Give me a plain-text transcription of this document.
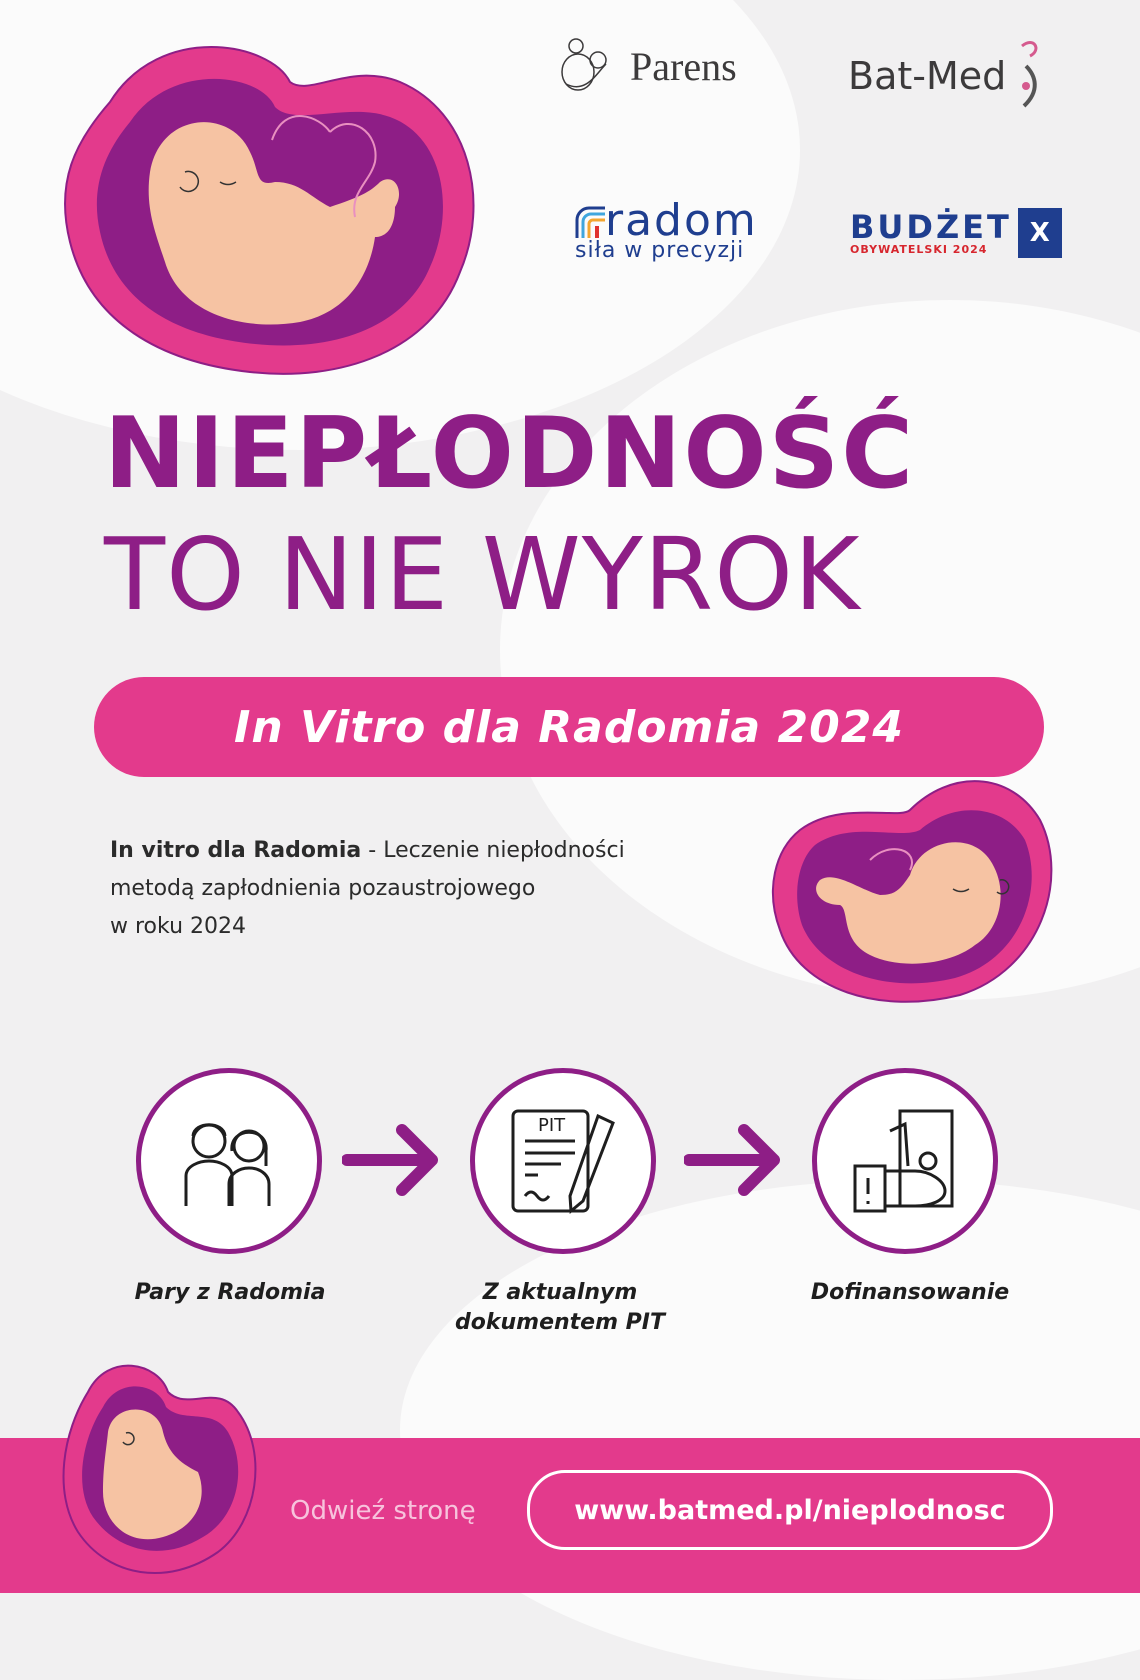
Parens	Bat-Med
radom
siła w precyzji
BUDŻET
OBYWATELSKI 2024
X
NIEPŁODNOŚĆ
TO NIE WYROK
In Vitro dla Radomia 2024
In vitro dla Radomia - Leczenie niepłodności
metodą zapłodnienia pozaustrojowego
w roku 2024
PIT
Pary z Radomia	Z aktualnym
dokumentem PIT
Dofinansowanie
Odwieź stronę	www.batmed.pl/nieplodnosc
